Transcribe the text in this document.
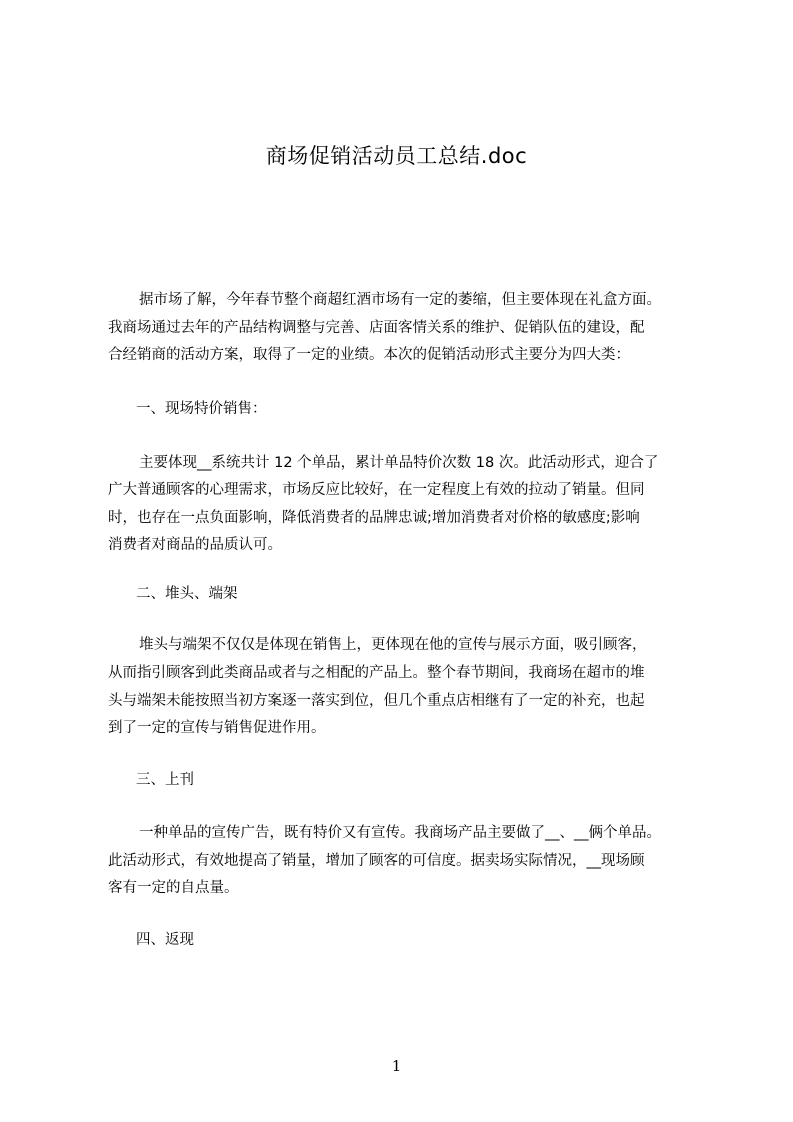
商场促销活动员工总结.doc
据市场了解，今年春节整个商超红酒市场有一定的萎缩，但主要体现在礼盒方面。
我商场通过去年的产品结构调整与完善、店面客情关系的维护、促销队伍的建设，配
合经销商的活动方案，取得了一定的业绩。本次的促销活动形式主要分为四大类：
一、现场特价销售：
主要体现__系统共计 12 个单品，累计单品特价次数 18 次。此活动形式，迎合了
广大普通顾客的心理需求，市场反应比较好，在一定程度上有效的拉动了销量。但同
时，也存在一点负面影响，降低消费者的品牌忠诚;增加消费者对价格的敏感度;影响
消费者对商品的品质认可。
二、堆头、端架
堆头与端架不仅仅是体现在销售上，更体现在他的宣传与展示方面，吸引顾客，
从而指引顾客到此类商品或者与之相配的产品上。整个春节期间，我商场在超市的堆
头与端架未能按照当初方案逐一落实到位，但几个重点店相继有了一定的补充，也起
到了一定的宣传与销售促进作用。
三、上刊
一种单品的宣传广告，既有特价又有宣传。我商场产品主要做了__、__俩个单品。
此活动形式，有效地提高了销量，增加了顾客的可信度。据卖场实际情况，__现场顾
客有一定的自点量。
四、返现
1
